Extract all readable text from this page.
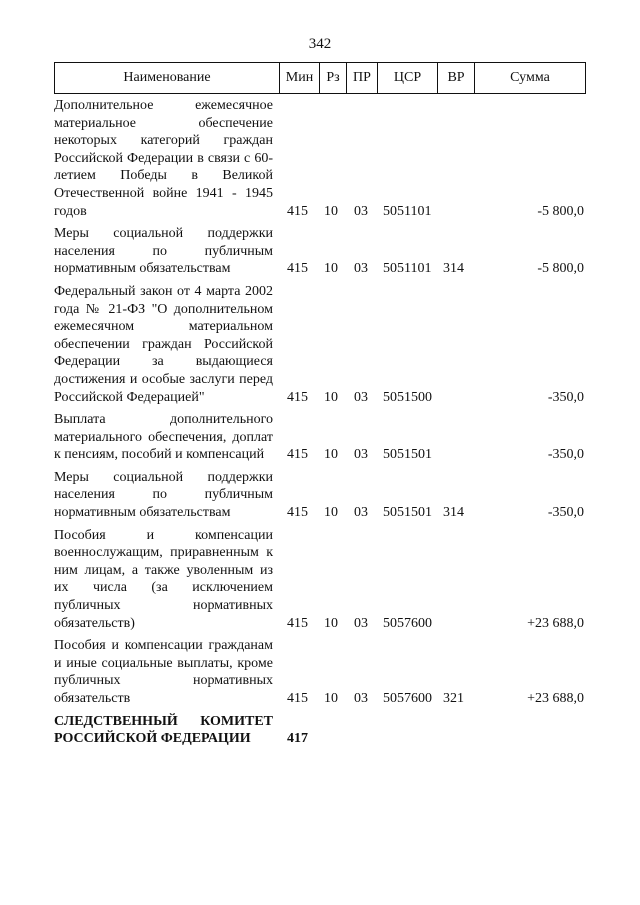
342
Наименование	Мин Рз ПР	ЦСР	ВР	Сумма
Дополнительное ежемесячное материальное обеспечение некоторых категорий граждан Российской Федерации в связи с 60-летием Победы в Великой Отечественной войне 1941 - 1945 годов	415 10 03 5051101	-5 800,0
Меры социальной поддержки населения по публичным нормативным обязательствам	415 10 03 5051101 314	-5 800,0
Федеральный закон от 4 марта 2002 года № 21-ФЗ "О дополнительном ежемесячном материальном обеспечении граждан Российской Федерации за выдающиеся достижения и особые заслуги перед Российской Федерацией"	415 10 03 5051500	-350,0
Выплата дополнительного материального обеспечения, доплат к пенсиям, пособий и компенсаций	415 10 03 5051501	-350,0
Меры социальной поддержки населения по публичным нормативным обязательствам	415 10 03 5051501 314	-350,0
Пособия и компенсации военнослужащим, приравненным к ним лицам, а также уволенным из их числа (за исключением публичных нормативных обязательств)	415 10 03 5057600	+23 688,0
Пособия и компенсации гражданам и иные социальные выплаты, кроме публичных нормативных обязательств	415 10 03 5057600 321	+23 688,0
СЛЕДСТВЕННЫЙ КОМИТЕТ РОССИЙСКОЙ ФЕДЕРАЦИИ	417
